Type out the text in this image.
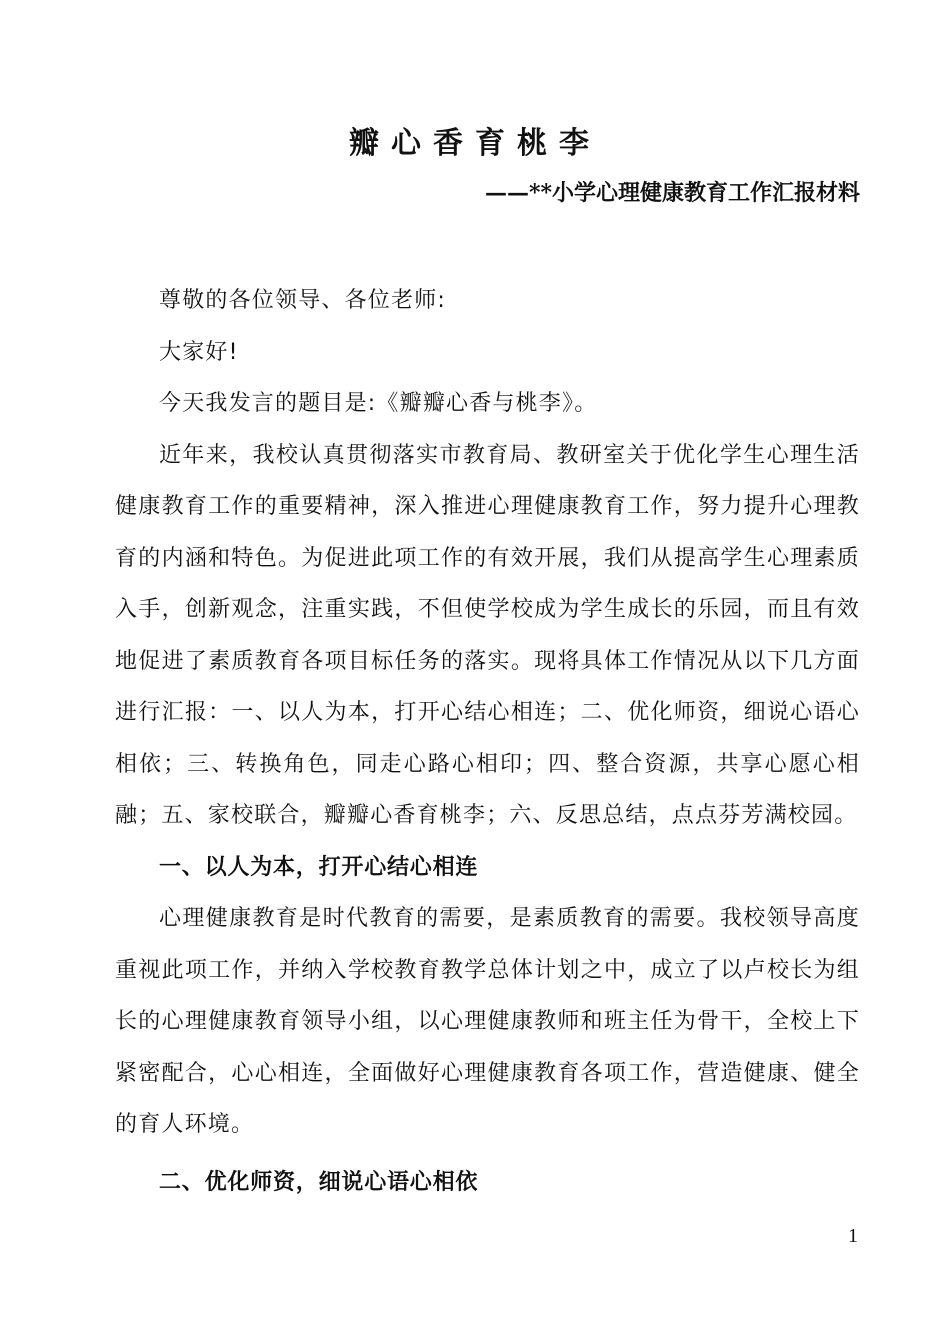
瓣心香育桃李
——**小学心理健康教育工作汇报材料

尊敬的各位领导、各位老师:

大家好!

今天我发言的题目是:《瓣瓣心香与桃李》。

近年来，我校认真贯彻落实市教育局、教研室关于优化学生心理生活健康教育工作的重要精神，深入推进心理健康教育工作，努力提升心理教育的内涵和特色。为促进此项工作的有效开展，我们从提高学生心理素质入手，创新观念，注重实践，不但使学校成为学生成长的乐园，而且有效地促进了素质教育各项目标任务的落实。现将具体工作情况从以下几方面进行汇报：一、以人为本，打开心结心相连；二、优化师资，细说心语心相依；三、转换角色，同走心路心相印；四、整合资源，共享心愿心相融；五、家校联合，瓣瓣心香育桃李；六、反思总结，点点芬芳满校园。

一、以人为本，打开心结心相连

心理健康教育是时代教育的需要，是素质教育的需要。我校领导高度重视此项工作，并纳入学校教育教学总体计划之中，成立了以卢校长为组长的心理健康教育领导小组，以心理健康教师和班主任为骨干，全校上下紧密配合，心心相连，全面做好心理健康教育各项工作，营造健康、健全的育人环境。

二、优化师资，细说心语心相依

1
